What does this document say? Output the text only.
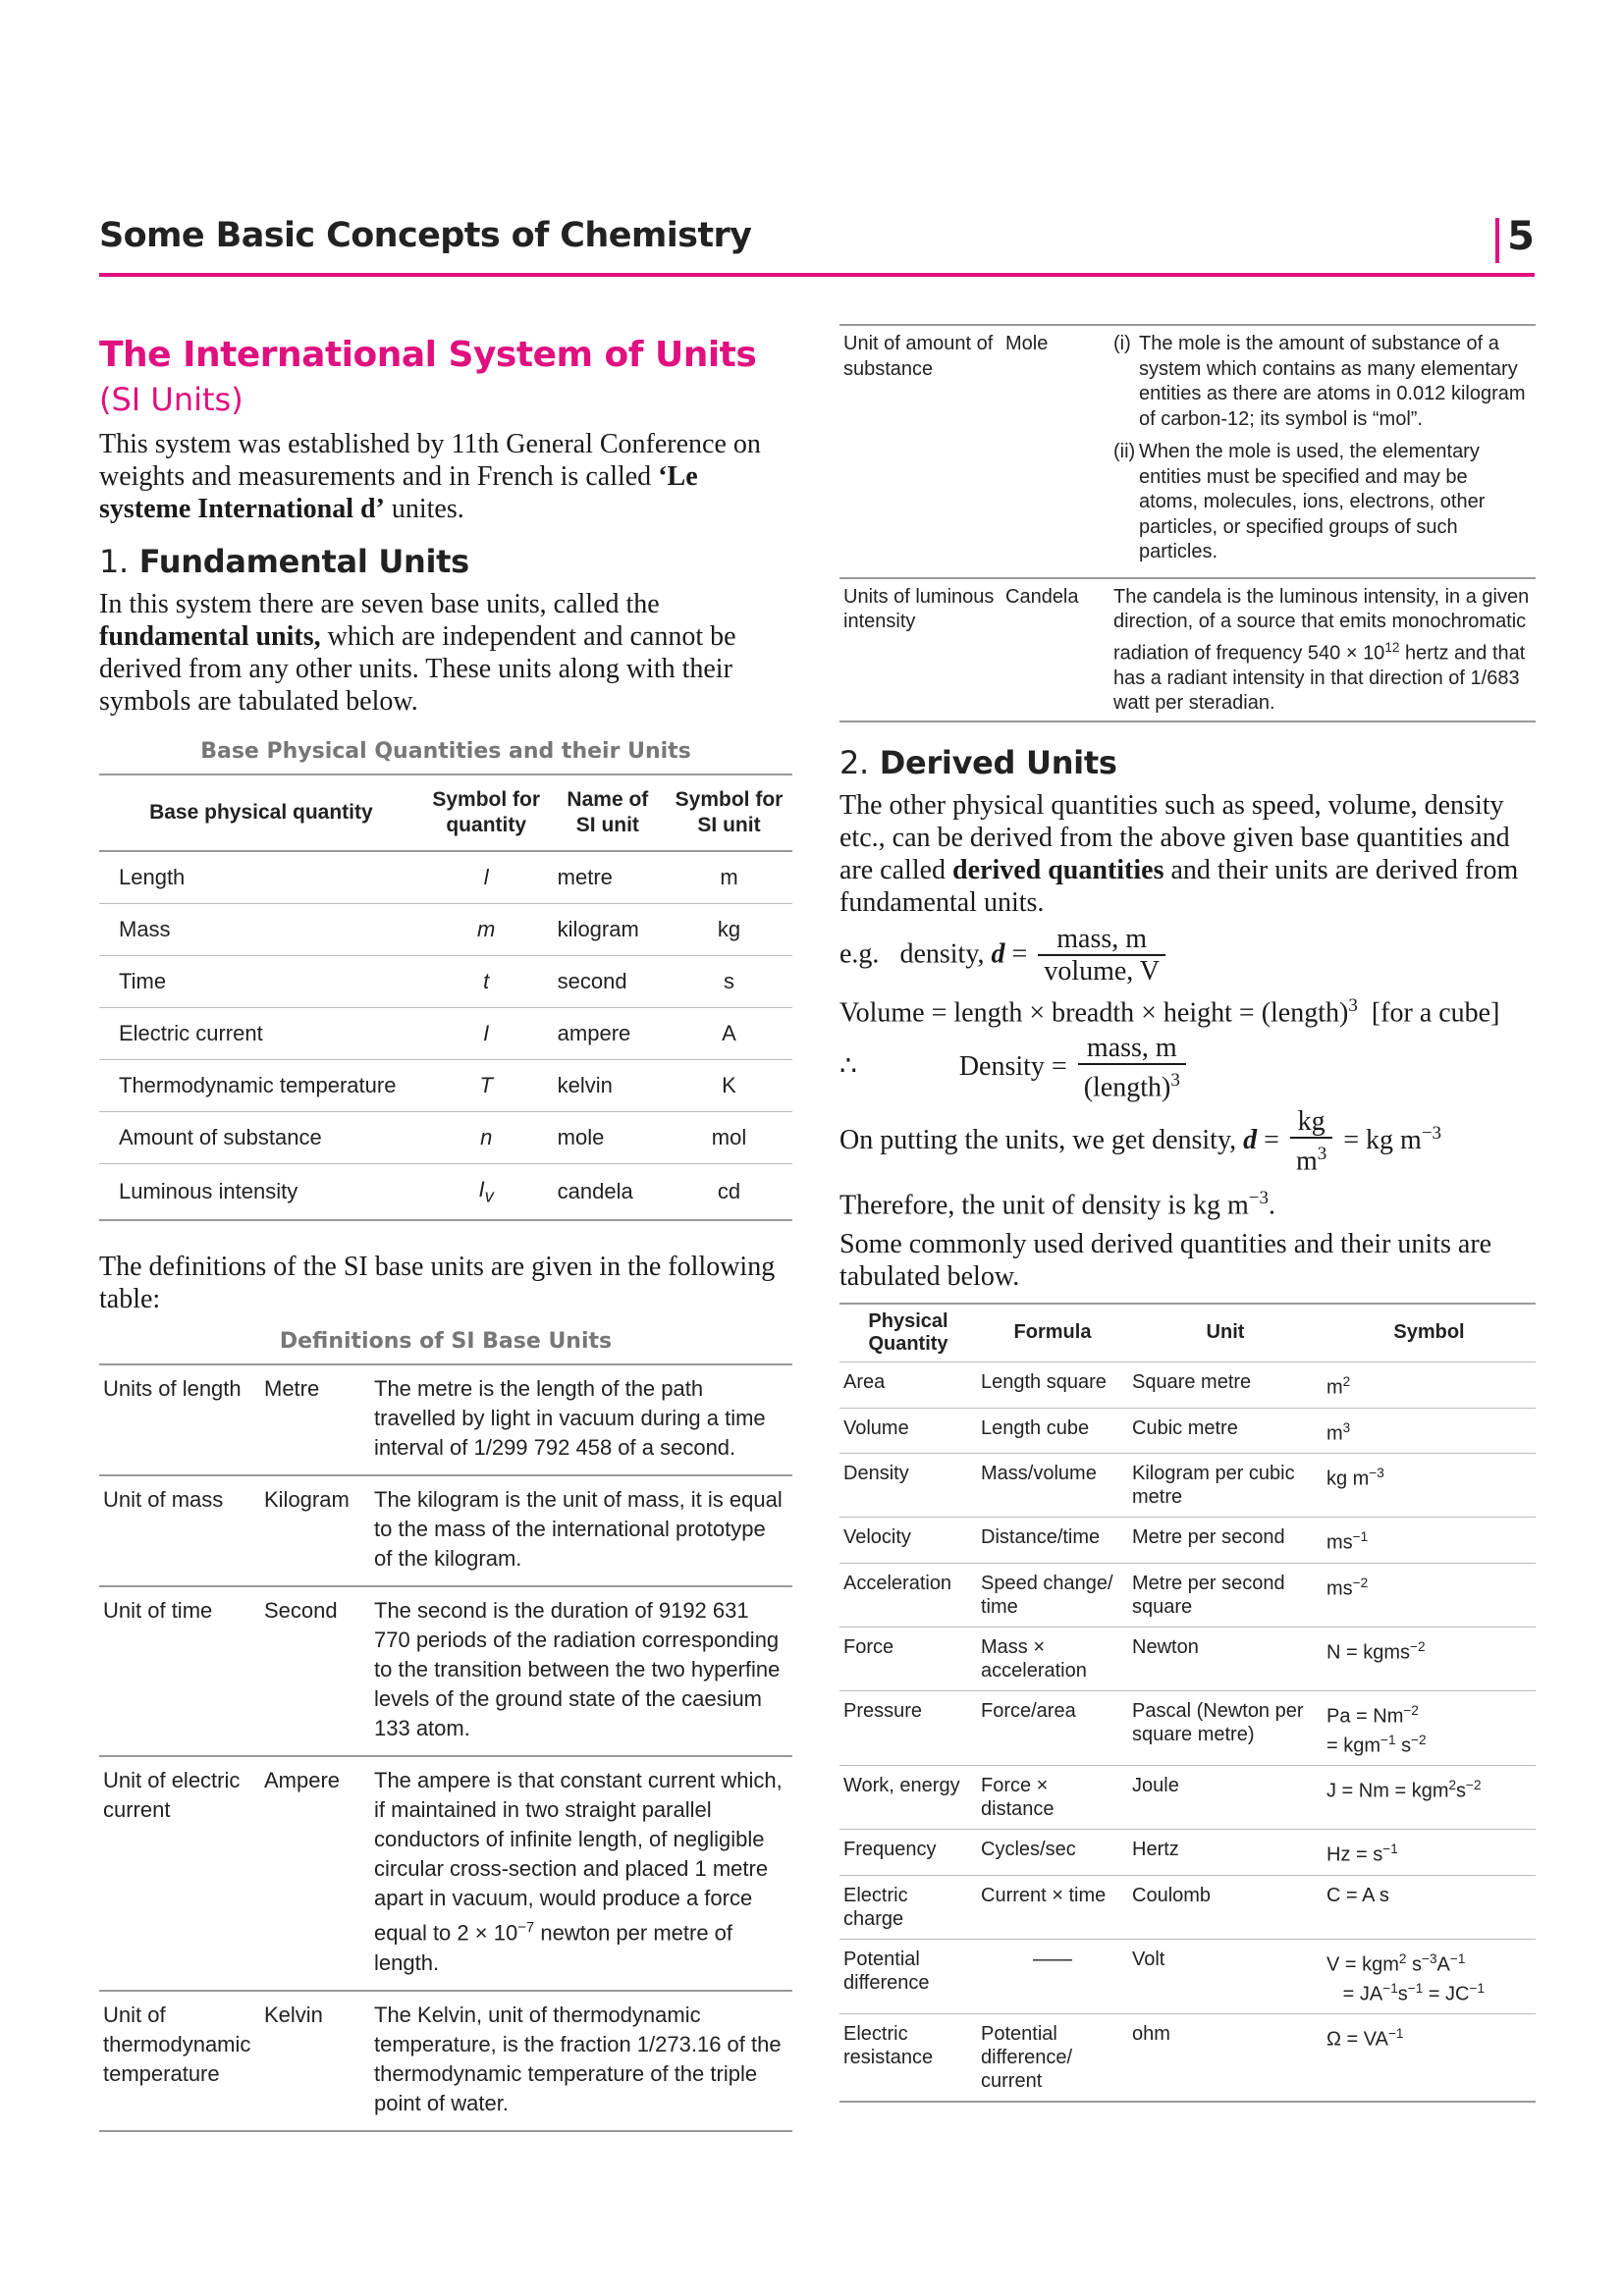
Some Basic Concepts of Chemistry	5
The International System of Units
(SI Units)

This system was established by 11th General Conference on weights and measurements and in French is called ‘Le systeme International d’ unites.

1. Fundamental Units

In this system there are seven base units, called the fundamental units, which are independent and cannot be derived from any other units. These units along with their symbols are tabulated below.

Base Physical Quantities and their Units
Base physical quantity	Symbol for quantity	Name of SI unit	Symbol for SI unit
Length	l	metre	m
Mass	m	kilogram	kg
Time	t	second	s
Electric current	I	ampere	A
Thermodynamic temperature	T	kelvin	K
Amount of substance	n	mole	mol
Luminous intensity	$I_v$	candela	cd

The definitions of the SI base units are given in the following table:

Definitions of SI Base Units
Units of length	Metre	The metre is the length of the path travelled by light in vacuum during a time interval of 1/299 792 458 of a second.
Unit of mass	Kilogram	The kilogram is the unit of mass, it is equal to the mass of the international prototype of the kilogram.
Unit of time	Second	The second is the duration of 9192 631 770 periods of the radiation corresponding to the transition between the two hyperfine levels of the ground state of the caesium 133 atom.
Unit of electric current	Ampere	The ampere is that constant current which, if maintained in two straight parallel conductors of infinite length, of negligible circular cross-section and placed 1 metre apart in vacuum, would produce a force equal to $2 \times 10^{-7}$ newton per metre of length.
Unit of thermodynamic temperature	Kelvin	The Kelvin, unit of thermodynamic temperature, is the fraction 1/273.16 of the thermodynamic temperature of the triple point of water.
Unit of amount of substance	Mole	(i) The mole is the amount of substance of a system which contains as many elementary entities as there are atoms in 0.012 kilogram of carbon-12; its symbol is “mol”.
(ii) When the mole is used, the elementary entities must be specified and may be atoms, molecules, ions, electrons, other particles, or specified groups of such particles.

Units of luminous intensity	Candela	The candela is the luminous intensity, in a given direction, of a source that emits monochromatic radiation of frequency $540 \times 10^{12}$ hertz and that has a radiant intensity in that direction of 1/683 watt per steradian.
2. Derived Units

The other physical quantities such as speed, volume, density etc., can be derived from the above given base quantities and are called derived quantities and their units are derived from fundamental units.

e.g. density, $d = \frac{\text{mass, m}}{\text{volume, V}}$
Volume = length × breadth × height = (length)$^3$ [for a cube]
∴	Density = $\frac{\text{mass, m}}{(length)^3}$
On putting the units, we get density, $d = \frac{kg}{m^3}$ = kg $m^{-3}$
Therefore, the unit of density is kg $m^{-3}$.

Some commonly used derived quantities and their units are tabulated below.

Physical Quantity	Formula	Unit	Symbol
Area	Length square	Square metre	$m^2$
Volume	Length cube	Cubic metre	$m^3$
Density	Mass/volume	Kilogram per cubic metre	kg $m^{-3}$
Velocity	Distance/time	Metre per second	$ms^{-1}$
Acceleration	Speed change/ time	Metre per second square	$ms^{-2}$
Force	Mass × acceleration	Newton	N = kgms$^{-2}$
Pressure	Force/area	Pascal (Newton per square metre)	$Pa = Nm^{-2}$
= kgm$^{-1}$ $s^{-2}$
Work, energy	Force × distance	Joule	$J = Nm = kgm^2s^{-2}$
Frequency	Cycles/sec	Hertz	$Hz = s^{-1}$
Electric charge	Current × time	Coulomb	C = A s
Potential difference	——	Volt	V = kgm$^2$ $s^{-3}A^{-1}$
= $JA^{-1}s^{-1} = JC^{-1}$
Electric resistance	Potential difference/ current	ohm	$\Omega = VA^{-1}$
